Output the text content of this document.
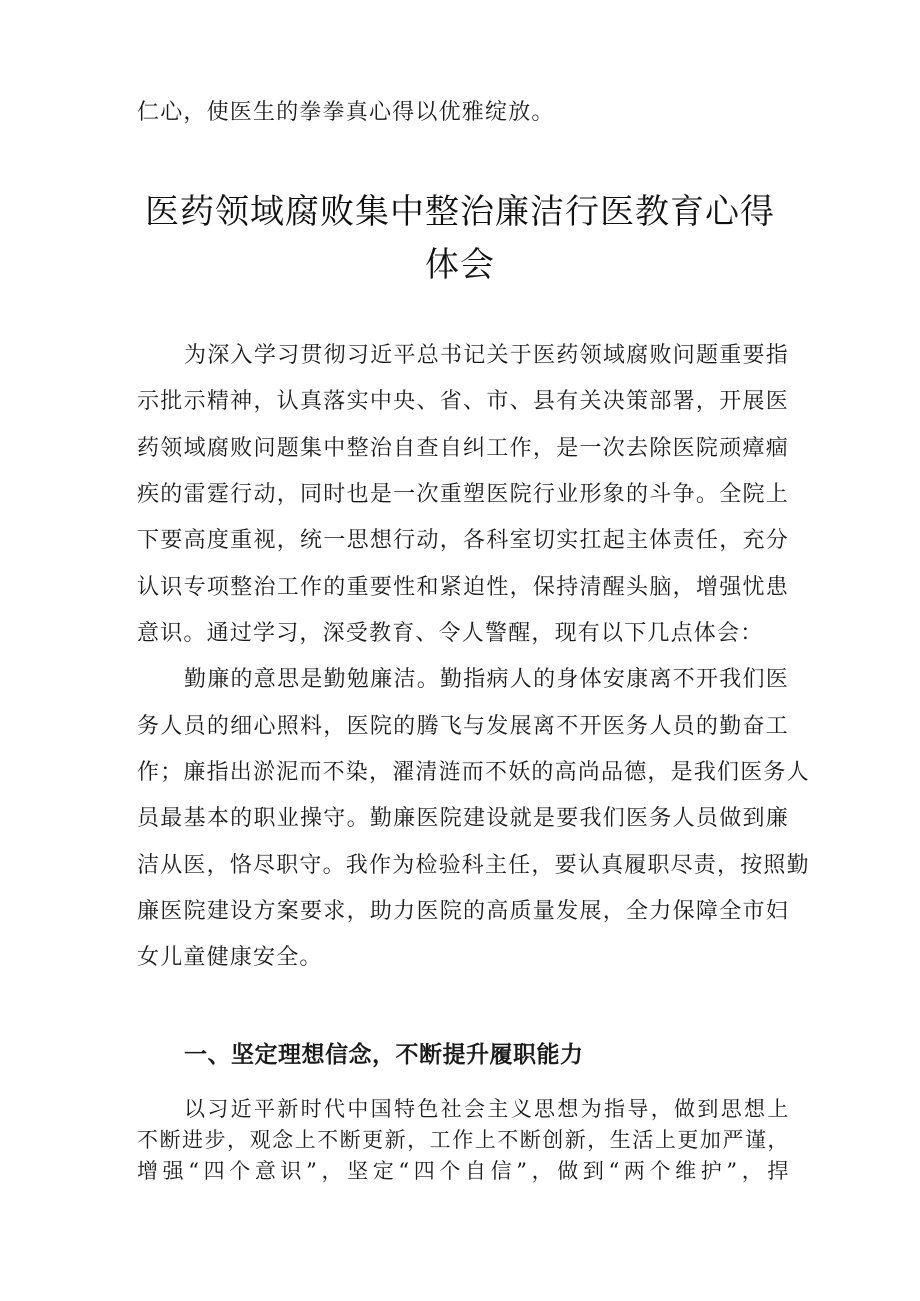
仁心，使医生的拳拳真心得以优雅绽放。
医药领域腐败集中整治廉洁行医教育心得
体会
为深入学习贯彻习近平总书记关于医药领域腐败问题重要指
示批示精神，认真落实中央、省、市、县有关决策部署，开展医
药领域腐败问题集中整治自查自纠工作，是一次去除医院顽瘴痼
疾的雷霆行动，同时也是一次重塑医院行业形象的斗争。全院上
下要高度重视，统一思想行动，各科室切实扛起主体责任，充分
认识专项整治工作的重要性和紧迫性，保持清醒头脑，增强忧患
意识。通过学习，深受教育、令人警醒，现有以下几点体会：
勤廉的意思是勤勉廉洁。勤指病人的身体安康离不开我们医
务人员的细心照料，医院的腾飞与发展离不开医务人员的勤奋工
作；廉指出淤泥而不染，濯清涟而不妖的高尚品德，是我们医务人
员最基本的职业操守。勤廉医院建设就是要我们医务人员做到廉
洁从医，恪尽职守。我作为检验科主任，要认真履职尽责，按照勤
廉医院建设方案要求，助力医院的高质量发展，全力保障全市妇
女儿童健康安全。
一、坚定理想信念，不断提升履职能力
以习近平新时代中国特色社会主义思想为指导，做到思想上
不断进步，观念上不断更新，工作上不断创新，生活上更加严谨，
增强“四个意识”，坚定“四个自信”，做到“两个维护”，捍
